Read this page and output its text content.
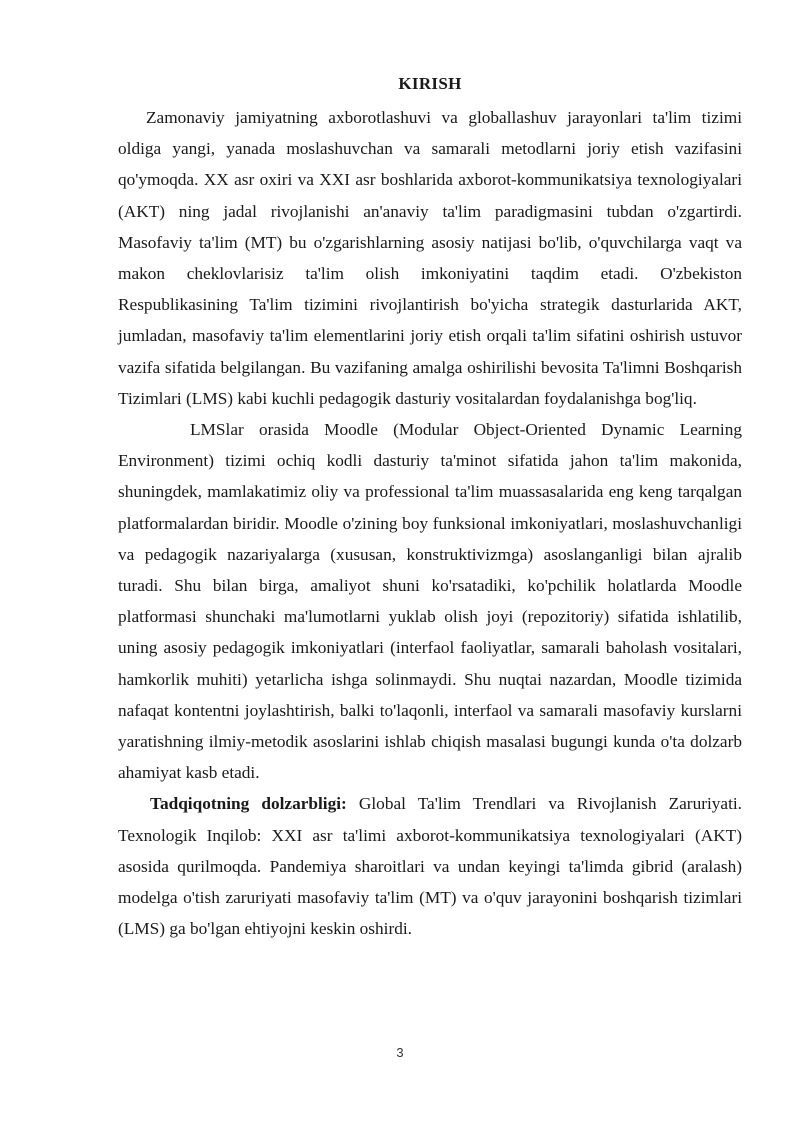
KIRISH

Zamonaviy jamiyatning axborotlashuvi va globallashuv jarayonlari ta'lim tizimi oldiga yangi, yanada moslashuvchan va samarali metodlarni joriy etish vazifasini qo'ymoqda. XX asr oxiri va XXI asr boshlarida axborot-kommunikatsiya texnologiyalari (AKT) ning jadal rivojlanishi an'anaviy ta'lim paradigmasini tubdan o'zgartirdi. Masofaviy ta'lim (MT) bu o'zgarishlarning asosiy natijasi bo'lib, o'quvchilarga vaqt va makon cheklovlarisiz ta'lim olish imkoniyatini taqdim etadi. O'zbekiston Respublikasining Ta'lim tizimini rivojlantirish bo'yicha strategik dasturlarida AKT, jumladan, masofaviy ta'lim elementlarini joriy etish orqali ta'lim sifatini oshirish ustuvor vazifa sifatida belgilangan. Bu vazifaning amalga oshirilishi bevosita Ta'limni Boshqarish Tizimlari (LMS) kabi kuchli pedagogik dasturiy vositalardan foydalanishga bog'liq.

LMSlar orasida Moodle (Modular Object-Oriented Dynamic Learning Environment) tizimi ochiq kodli dasturiy ta'minot sifatida jahon ta'lim makonida, shuningdek, mamlakatimiz oliy va professional ta'lim muassasalarida eng keng tarqalgan platformalardan biridir. Moodle o'zining boy funksional imkoniyatlari, moslashuvchanligi va pedagogik nazariyalarga (xususan, konstruktivizmga) asoslanganligi bilan ajralib turadi. Shu bilan birga, amaliyot shuni ko'rsatadiki, ko'pchilik holatlarda Moodle platformasi shunchaki ma'lumotlarni yuklab olish joyi (repozitoriy) sifatida ishlatilib, uning asosiy pedagogik imkoniyatlari (interfaol faoliyatlar, samarali baholash vositalari, hamkorlik muhiti) yetarlicha ishga solinmaydi. Shu nuqtai nazardan, Moodle tizimida nafaqat kontentni joylashtirish, balki to'laqonli, interfaol va samarali masofaviy kurslarni yaratishning ilmiy-metodik asoslarini ishlab chiqish masalasi bugungi kunda o'ta dolzarb ahamiyat kasb etadi.

Tadqiqotning dolzarbligi: Global Ta'lim Trendlari va Rivojlanish Zaruriyati. Texnologik Inqilob: XXI asr ta'limi axborot-kommunikatsiya texnologiyalari (AKT) asosida qurilmoqda. Pandemiya sharoitlari va undan keyingi ta'limda gibrid (aralash) modelga o'tish zaruriyati masofaviy ta'lim (MT) va o'quv jarayonini boshqarish tizimlari (LMS) ga bo'lgan ehtiyojni keskin oshirdi.

3
